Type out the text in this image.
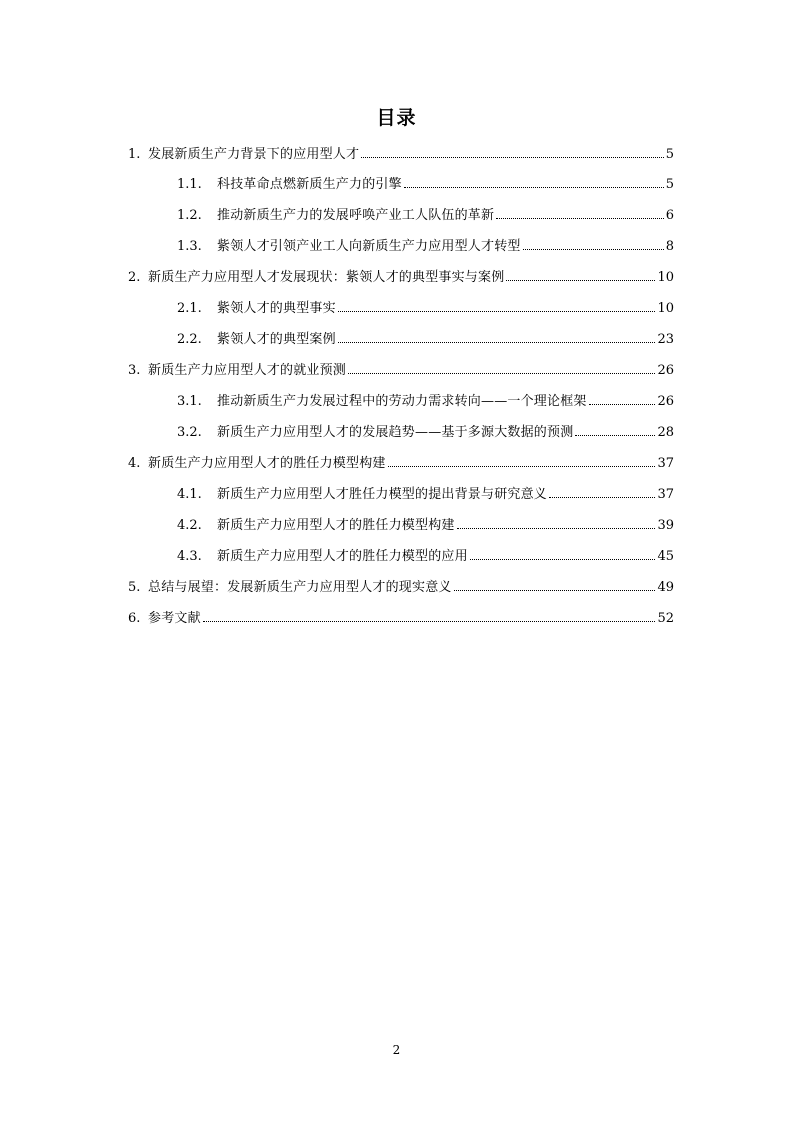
目录
1. 发展新质生产力背景下的应用型人才	5
1.1.	科技革命点燃新质生产力的引擎	5
1.2.	推动新质生产力的发展呼唤产业工人队伍的革新	6
1.3.	紫领人才引领产业工人向新质生产力应用型人才转型	8
2. 新质生产力应用型人才发展现状：紫领人才的典型事实与案例	10
2.1.	紫领人才的典型事实	10
2.2.	紫领人才的典型案例	23
3. 新质生产力应用型人才的就业预测	26
3.1.	推动新质生产力发展过程中的劳动力需求转向——一个理论框架	26
3.2.	新质生产力应用型人才的发展趋势——基于多源大数据的预测	28
4. 新质生产力应用型人才的胜任力模型构建	37
4.1.	新质生产力应用型人才胜任力模型的提出背景与研究意义	37
4.2.	新质生产力应用型人才的胜任力模型构建	39
4.3.	新质生产力应用型人才的胜任力模型的应用	45
5. 总结与展望：发展新质生产力应用型人才的现实意义	49
6. 参考文献	52
2
